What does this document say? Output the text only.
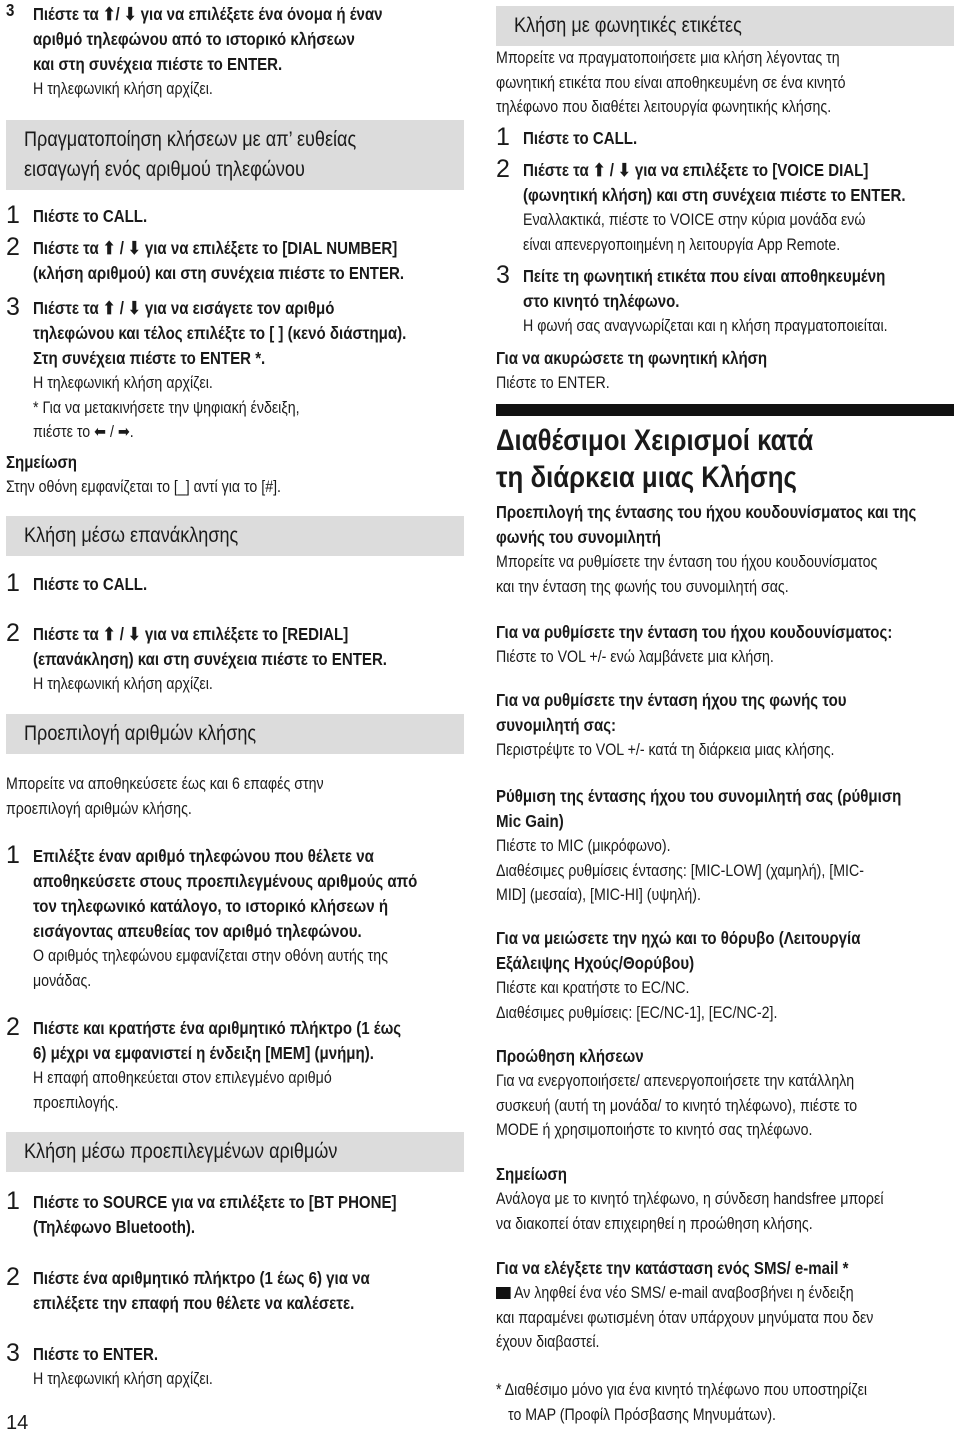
3	Πιέστε τα ⬆/ ⬇ για να επιλέξετε ένα όνομα ή έναν
αριθμό τηλεφώνου από το ιστορικό κλήσεων
και στη συνέχεια πιέστε το ENTER.
Η τηλεφωνική κλήση αρχίζει.
Πραγματοποίηση κλήσεων με απ’ ευθείας
εισαγωγή ενός αριθμού τηλεφώνου
1 Πιέστε το CALL.
2 Πιέστε τα ⬆ / ⬇ για να επιλέξετε το [DIAL NUMBER]
(κλήση αριθμού) και στη συνέχεια πιέστε το ENTER.
3 Πιέστε τα ⬆ / ⬇ για να εισάγετε τον αριθμό
τηλεφώνου και τέλος επιλέξτε το [ ] (κενό διάστημα).
Στη συνέχεια πιέστε το ENTER *.
Η τηλεφωνική κλήση αρχίζει.
* Για να μετακινήσετε την ψηφιακή ένδειξη,
πιέστε το ⬅ / ➡.
Σημείωση
Στην οθόνη εμφανίζεται το [_] αντί για το [#].
Κλήση μέσω επανάκλησης
1 Πιέστε το CALL.
2 Πιέστε τα ⬆ / ⬇ για να επιλέξετε το [REDIAL]
(επανάκληση) και στη συνέχεια πιέστε το ENTER.
Η τηλεφωνική κλήση αρχίζει.
Προεπιλογή αριθμών κλήσης
Μπορείτε να αποθηκεύσετε έως και 6 επαφές στην
προεπιλογή αριθμών κλήσης.
1 Επιλέξτε έναν αριθμό τηλεφώνου που θέλετε να
αποθηκεύσετε στους προεπιλεγμένους αριθμούς από
τον τηλεφωνικό κατάλογο, το ιστορικό κλήσεων ή
εισάγοντας απευθείας τον αριθμό τηλεφώνου.
Ο αριθμός τηλεφώνου εμφανίζεται στην οθόνη αυτής της
μονάδας.
2 Πιέστε και κρατήστε ένα αριθμητικό πλήκτρο (1 έως
6) μέχρι να εμφανιστεί η ένδειξη [MEM] (μνήμη).
Η επαφή αποθηκεύεται στον επιλεγμένο αριθμό
προεπιλογής.
Κλήση μέσω προεπιλεγμένων αριθμών
1 Πιέστε το SOURCE για να επιλέξετε το [BT PHONE]
(Τηλέφωνο Bluetooth).
2 Πιέστε ένα αριθμητικό πλήκτρο (1 έως 6) για να
επιλέξετε την επαφή που θέλετε να καλέσετε.
3 Πιέστε το ENTER.
Η τηλεφωνική κλήση αρχίζει.
14
Κλήση με φωνητικές ετικέτες
Μπορείτε να πραγματοποιήσετε μια κλήση λέγοντας τη
φωνητική ετικέτα που είναι αποθηκευμένη σε ένα κινητό
τηλέφωνο που διαθέτει λειτουργία φωνητικής κλήσης.
1 Πιέστε το CALL.
2 Πιέστε τα ⬆ / ⬇ για να επιλέξετε το [VOICE DIAL]
(φωνητική κλήση) και στη συνέχεια πιέστε το ENTER.
Εναλλακτικά, πιέστε το VOICE στην κύρια μονάδα ενώ
είναι απενεργοποιημένη η λειτουργία App Remote.
3 Πείτε τη φωνητική ετικέτα που είναι αποθηκευμένη
στο κινητό τηλέφωνο.
Η φωνή σας αναγνωρίζεται και η κλήση πραγματοποιείται.
Για να ακυρώσετε τη φωνητική κλήση
Πιέστε το ENTER.
Διαθέσιμοι Χειρισμοί κατά
τη διάρκεια μιας Κλήσης
Προεπιλογή της έντασης του ήχου κουδουνίσματος και της
φωνής του συνομιλητή
Μπορείτε να ρυθμίσετε την ένταση του ήχου κουδουνίσματος
και την ένταση της φωνής του συνομιλητή σας.
Για να ρυθμίσετε την ένταση του ήχου κουδουνίσματος:
Πιέστε το VOL +/- ενώ λαμβάνετε μια κλήση.
Για να ρυθμίσετε την ένταση ήχου της φωνής του
συνομιλητή σας:
Περιστρέψτε το VOL +/- κατά τη διάρκεια μιας κλήσης.
Ρύθμιση της έντασης ήχου του συνομιλητή σας (ρύθμιση
Mic Gain)
Πιέστε το MIC (μικρόφωνο).
Διαθέσιμες ρυθμίσεις έντασης: [MIC-LOW] (χαμηλή), [MIC-
MID] (μεσαία), [MIC-HI] (υψηλή).
Για να μειώσετε την ηχώ και το θόρυβο (Λειτουργία
Εξάλειψης Ηχούς/Θορύβου)
Πιέστε και κρατήστε το EC/NC.
Διαθέσιμες ρυθμίσεις: [EC/NC-1], [EC/NC-2].
Προώθηση κλήσεων
Για να ενεργοποιήσετε/ απενεργοποιήσετε την κατάλληλη
συσκευή (αυτή τη μονάδα/ το κινητό τηλέφωνο), πιέστε το
MODE ή χρησιμοποιήστε το κινητό σας τηλέφωνο.
Σημείωση
Ανάλογα με το κινητό τηλέφωνο, η σύνδεση handsfree μπορεί
να διακοπεί όταν επιχειρηθεί η προώθηση κλήσης.
Για να ελέγξετε την κατάσταση ενός SMS/ e-mail *
Αν ληφθεί ένα νέο SMS/ e-mail αναβοσβήνει η ένδειξη
και παραμένει φωτισμένη όταν υπάρχουν μηνύματα που δεν
έχουν διαβαστεί.
* Διαθέσιμο μόνο για ένα κινητό τηλέφωνο που υποστηρίζει
το MAP (Προφίλ Πρόσβασης Μηνυμάτων).
